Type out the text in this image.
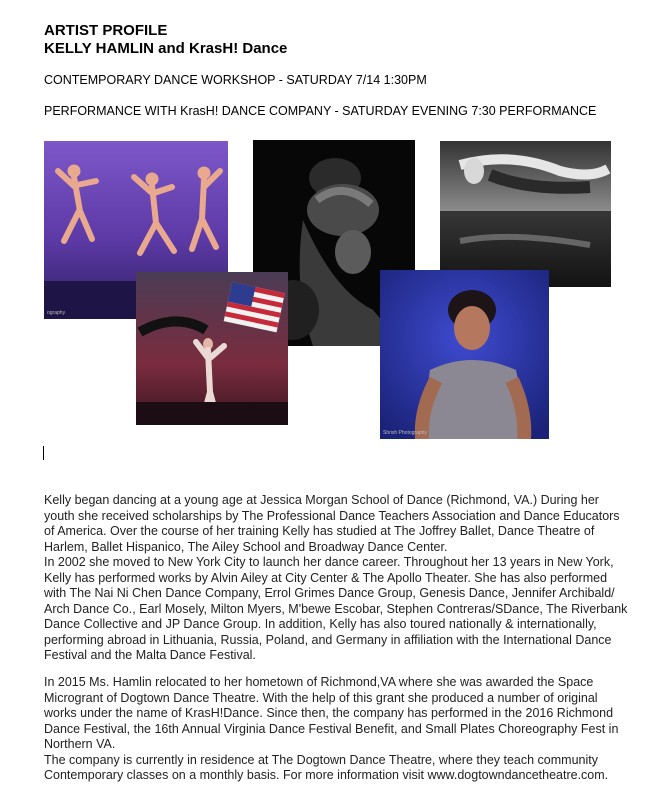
ARTIST PROFILE
KELLY HAMLIN and KrasH! Dance
CONTEMPORARY DANCE WORKSHOP - SATURDAY 7/14 1:30PM
PERFORMANCE WITH KrasH! DANCE COMPANY - SATURDAY EVENING 7:30 PERFORMANCE
ography
Shrish Photography
Kelly began dancing at a young age at Jessica Morgan School of Dance (Richmond, VA.) During her
youth she received scholarships by The Professional Dance Teachers Association and Dance Educators
of America. Over the course of her training Kelly has studied at The Joffrey Ballet, Dance Theatre of
Harlem, Ballet Hispanico, The Ailey School and Broadway Dance Center.
In 2002 she moved to New York City to launch her dance career. Throughout her 13 years in New York,
Kelly has performed works by Alvin Ailey at City Center & The Apollo Theater. She has also performed
with The Nai Ni Chen Dance Company, Errol Grimes Dance Group, Genesis Dance, Jennifer Archibald/
Arch Dance Co., Earl Mosely, Milton Myers, M'bewe Escobar, Stephen Contreras/SDance, The Riverbank
Dance Collective and JP Dance Group. In addition, Kelly has also toured nationally & internationally,
performing abroad in Lithuania, Russia, Poland, and Germany in affiliation with the International Dance
Festival and the Malta Dance Festival.
In 2015 Ms. Hamlin relocated to her hometown of Richmond,VA where she was awarded the Space
Microgrant of Dogtown Dance Theatre. With the help of this grant she produced a number of original
works under the name of KrasH!Dance. Since then, the company has performed in the 2016 Richmond
Dance Festival, the 16th Annual Virginia Dance Festival Benefit, and Small Plates Choreography Fest in
Northern VA.
The company is currently in residence at The Dogtown Dance Theatre, where they teach community
Contemporary classes on a monthly basis. For more information visit www.dogtowndancetheatre.com.
